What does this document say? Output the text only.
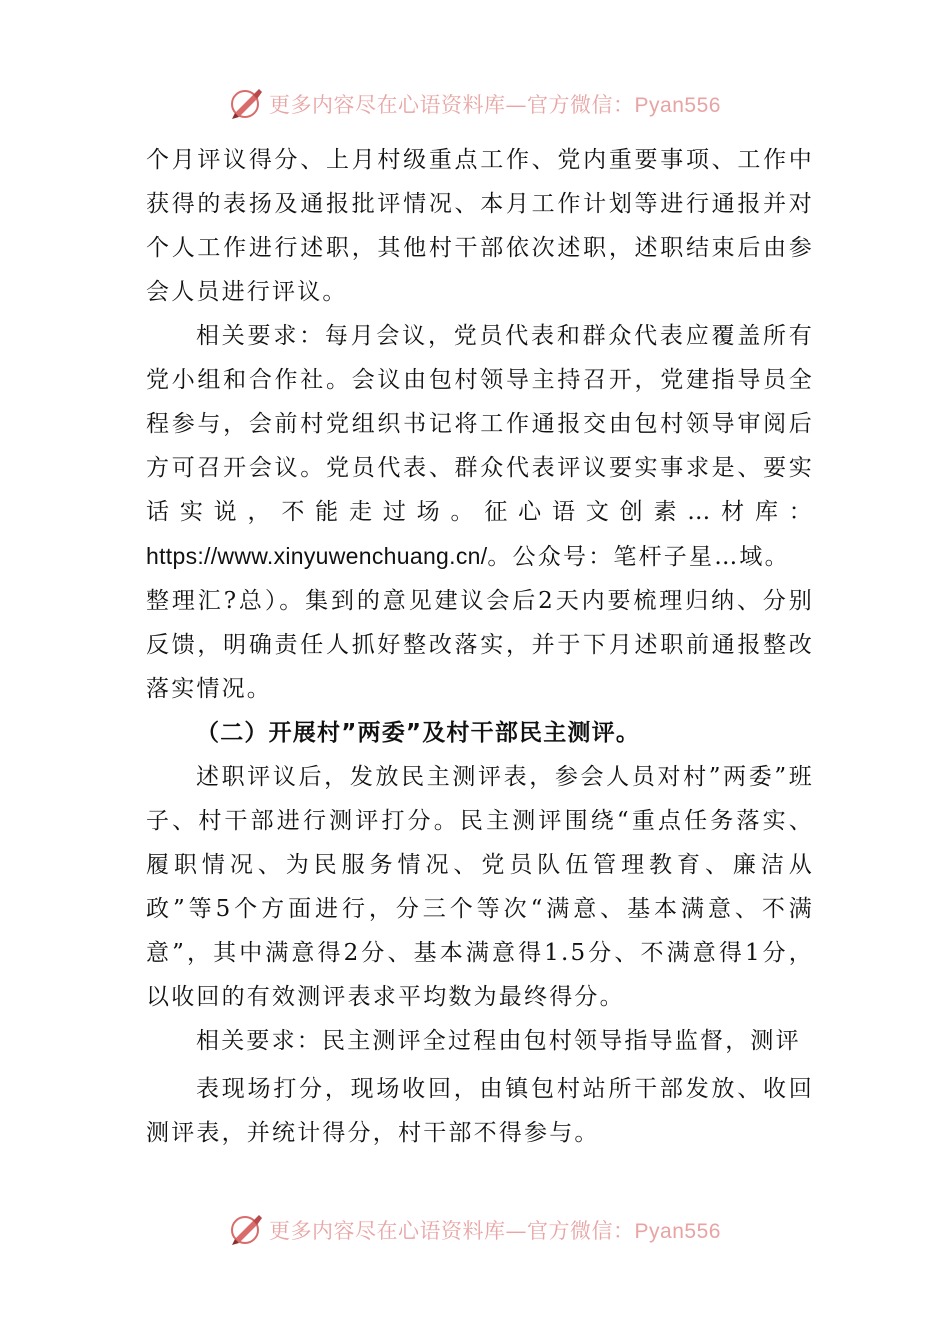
更多内容尽在心语资料库—官方微信：Pyan556

个月评议得分、上月村级重点工作、党内重要事项、工作中获得的表扬及通报批评情况、本月工作计划等进行通报并对个人工作进行述职，其他村干部依次述职，述职结束后由参会人员进行评议。

相关要求：每月会议，党员代表和群众代表应覆盖所有党小组和合作社。会议由包村领导主持召开，党建指导员全程参与，会前村党组织书记将工作通报交由包村领导审阅后方可召开会议。党员代表、群众代表评议要实事求是、要实话实说，不能走过场。征心语文创素…材库：https://www.xinyuwenchuang.cn/。公众号：笔杆子星…域。

整理汇?总）。集到的意见建议会后2天内要梳理归纳、分别反馈，明确责任人抓好整改落实，并于下月述职前通报整改落实情况。

（二）开展村”两委”及村干部民主测评。

述职评议后，发放民主测评表，参会人员对村”两委”班子、村干部进行测评打分。民主测评围绕“重点任务落实、履职情况、为民服务情况、党员队伍管理教育、廉洁从政”等5个方面进行，分三个等次“满意、基本满意、不满意”，其中满意得2分、基本满意得1.5分、不满意得1分，以收回的有效测评表求平均数为最终得分。

相关要求：民主测评全过程由包村领导指导监督，测评

表现场打分，现场收回，由镇包村站所干部发放、收回测评表，并统计得分，村干部不得参与。

更多内容尽在心语资料库—官方微信：Pyan556
